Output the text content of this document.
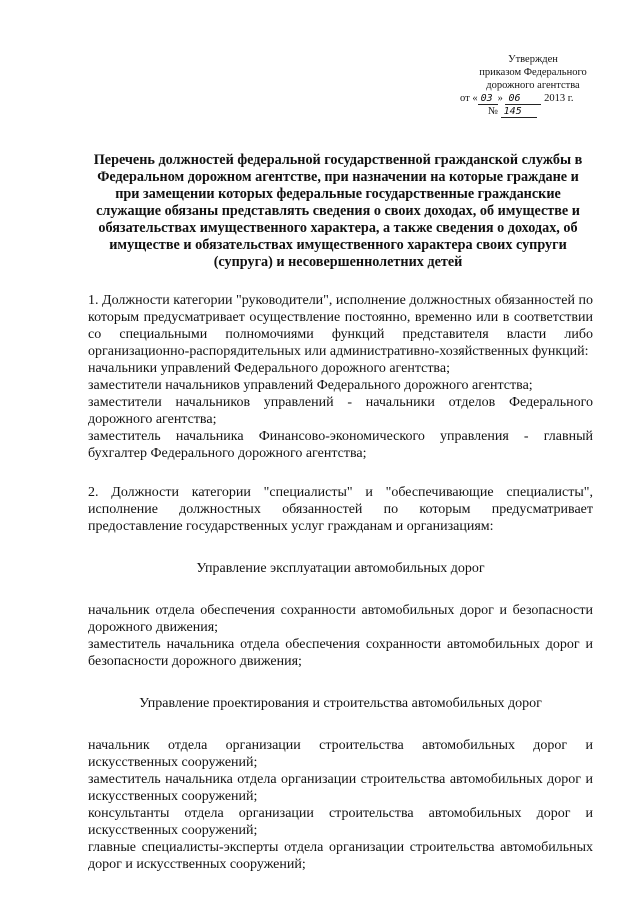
Утвержден
приказом Федерального
дорожного агентства
от « 03 » 06 2013 г.
№ 145
Перечень должностей федеральной государственной гражданской службы в Федеральном дорожном агентстве, при назначении на которые граждане и при замещении которых федеральные государственные гражданские служащие обязаны представлять сведения о своих доходах, об имуществе и обязательствах имущественного характера, а также сведения о доходах, об имуществе и обязательствах имущественного характера своих супруги (супруга) и несовершеннолетних детей

1. Должности категории "руководители", исполнение должностных обязанностей по которым предусматривает осуществление постоянно, временно или в соответствии со специальными полномочиями функций представителя власти либо организационно-распорядительных или административно-хозяйственных функций:

начальники управлений Федерального дорожного агентства;

заместители начальников управлений Федерального дорожного агентства;

заместители начальников управлений - начальники отделов Федерального дорожного агентства;

заместитель начальника Финансово-экономического управления - главный бухгалтер Федерального дорожного агентства;

2. Должности категории "специалисты" и "обеспечивающие специалисты", исполнение должностных обязанностей по которым предусматривает предоставление государственных услуг гражданам и организациям:

Управление эксплуатации автомобильных дорог

начальник отдела обеспечения сохранности автомобильных дорог и безопасности дорожного движения;

заместитель начальника отдела обеспечения сохранности автомобильных дорог и безопасности дорожного движения;

Управление проектирования и строительства автомобильных дорог

начальник отдела организации строительства автомобильных дорог и искусственных сооружений;

заместитель начальника отдела организации строительства автомобильных дорог и искусственных сооружений;

консультанты отдела организации строительства автомобильных дорог и искусственных сооружений;

главные специалисты-эксперты отдела организации строительства автомобильных дорог и искусственных сооружений;
